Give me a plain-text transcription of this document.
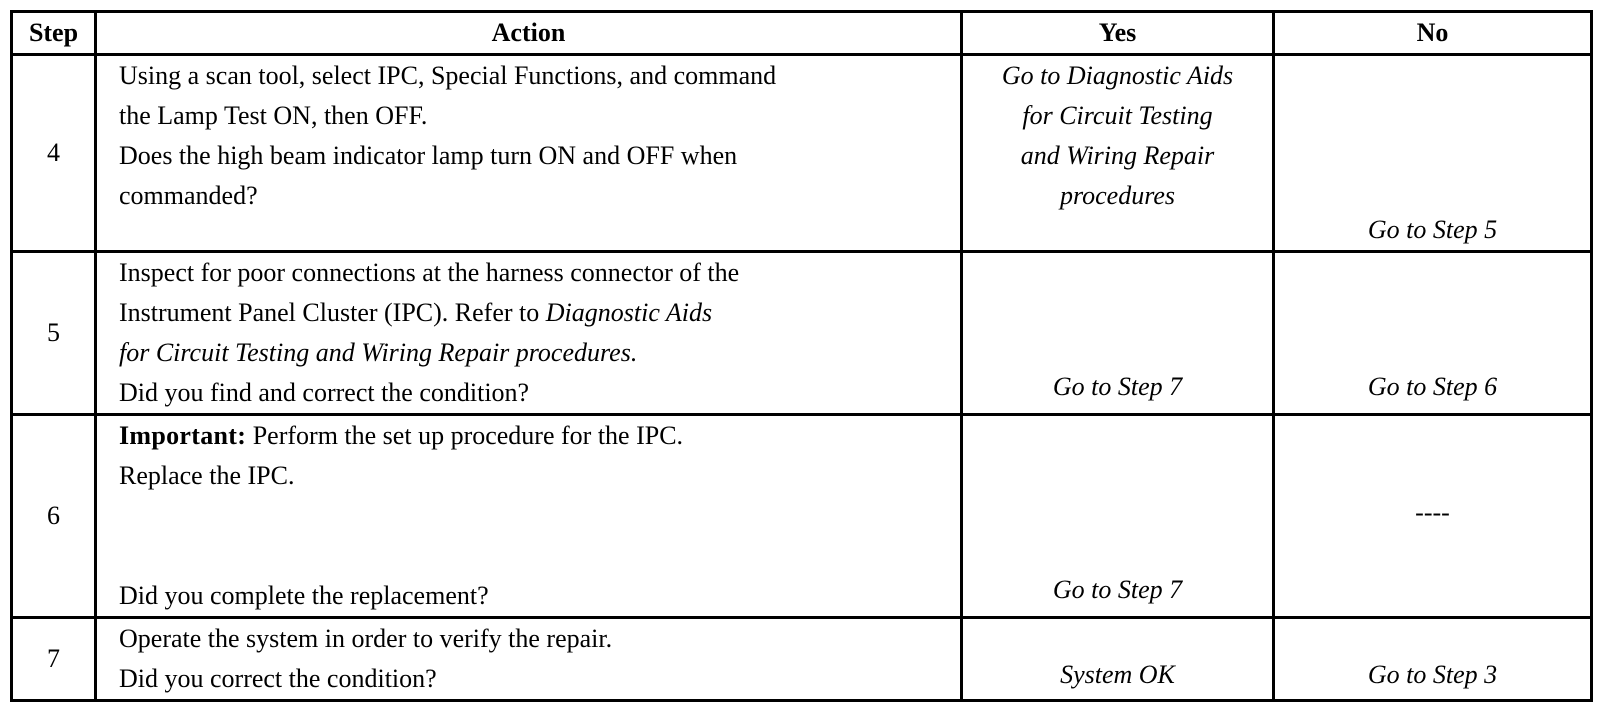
Step	Action	Yes	No
4	Using a scan tool, select IPC, Special Functions, and command
the Lamp Test ON, then OFF.
Does the high beam indicator lamp turn ON and OFF when
commanded?	Go to Diagnostic Aids
for Circuit Testing
and Wiring Repair
procedures	Go to Step 5

5	Inspect for poor connections at the harness connector of the
Instrument Panel Cluster (IPC). Refer to Diagnostic Aids
for Circuit Testing and Wiring Repair procedures.
Did you find and correct the condition?	Go to Step 7	Go to Step 6

6	Important: Perform the set up procedure for the IPC.
Replace the IPC.
Did you complete the replacement?	Go to Step 7	----

7	Operate the system in order to verify the repair.
Did you correct the condition?	System OK	Go to Step 3
